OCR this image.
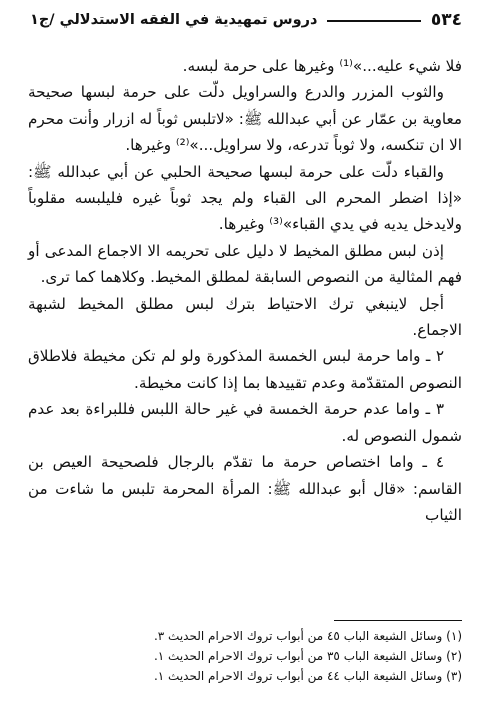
٥٣٤
دروس تمهيدية في الفقه الاستدلالي /ج١

فلا شيء عليه...»⁽¹⁾ وغيرها على حرمة لبسه.

والثوب المزرر والدرع والسراويل دلّت على حرمة لبسها صحيحة معاوية بن عمّار عن أبي عبدالله ﷺ: «لاتلبس ثوباً له ازرار وأنت محرم الا ان تنكسه، ولا ثوباً تدرعه، ولا سراويل...»⁽²⁾ وغيرها.

والقباء دلّت على حرمة لبسها صحيحة الحلبي عن أبي عبدالله ﷺ: «إذا اضطر المحرم الى القباء ولم يجد ثوباً غيره فليلبسه مقلوباً ولايدخل يديه في يدي القباء»⁽³⁾ وغيرها.

إذن لبس مطلق المخيط لا دليل على تحريمه الا الاجماع المدعى أو فهم المثالية من النصوص السابقة لمطلق المخيط. وكلاهما كما ترى.

أجل لاينبغي ترك الاحتياط بترك لبس مطلق المخيط لشبهة الاجماع.

٢ ـ واما حرمة لبس الخمسة المذكورة ولو لم تكن مخيطة فلاطلاق النصوص المتقدّمة وعدم تقييدها بما إذا كانت مخيطة.

٣ ـ واما عدم حرمة الخمسة في غير حالة اللبس فللبراءة بعد عدم شمول النصوص له.

٤ ـ واما اختصاص حرمة ما تقدّم بالرجال فلصحيحة العيص بن القاسم: «قال أبو عبدالله ﷺ: المرأة المحرمة تلبس ما شاءت من الثياب

(١) وسائل الشيعة الباب ٤٥ من أبواب تروك الاحرام الحديث ٣.
(٢) وسائل الشيعة الباب ٣٥ من أبواب تروك الاحرام الحديث ١.
(٣) وسائل الشيعة الباب ٤٤ من أبواب تروك الاحرام الحديث ١.
